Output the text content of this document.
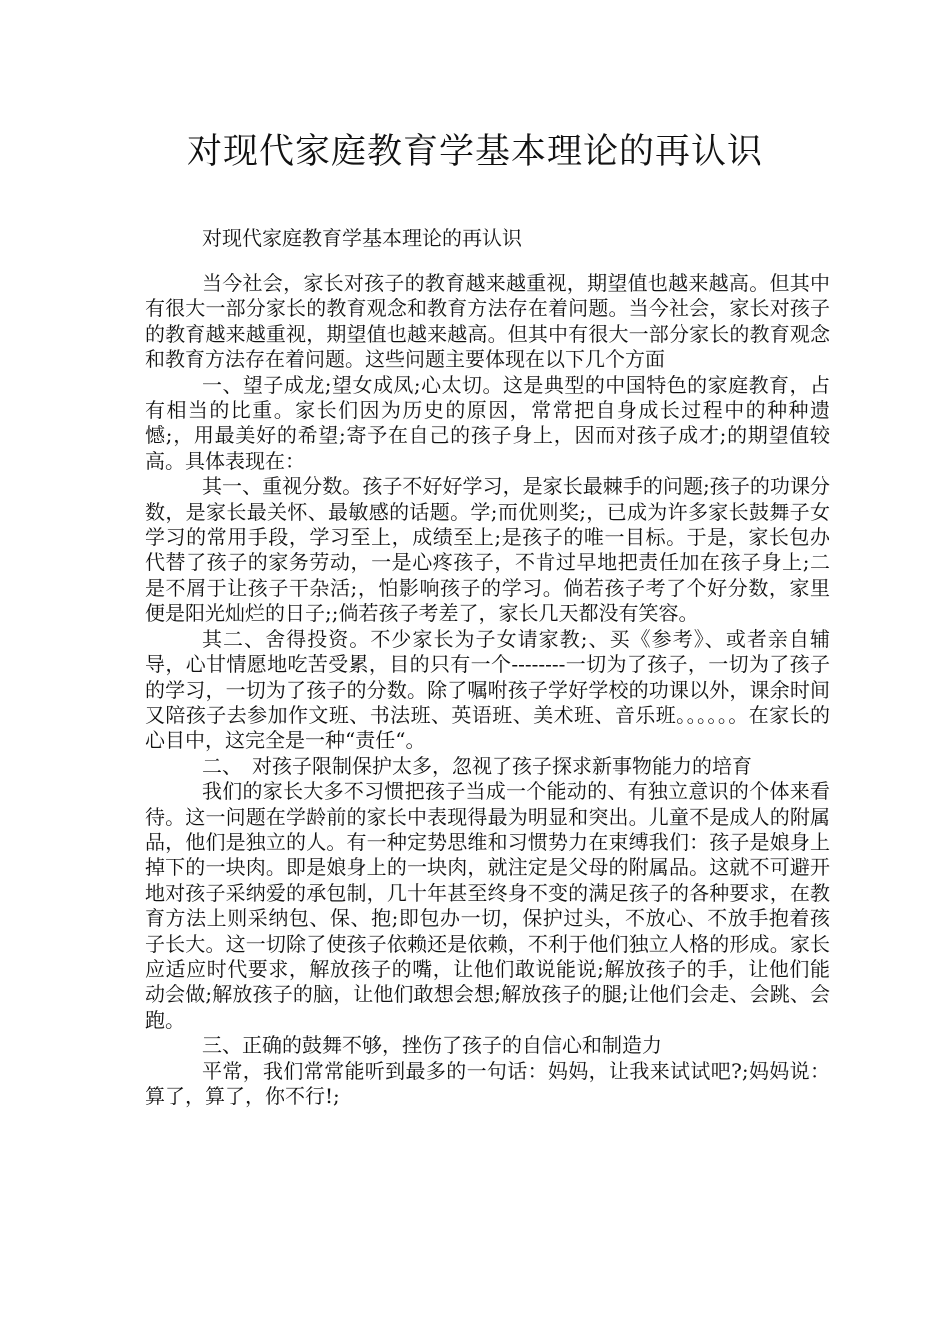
对现代家庭教育学基本理论的再认识
对现代家庭教育学基本理论的再认识

当今社会，家长对孩子的教育越来越重视，期望值也越来越高。但其中有很大一部分家长的教育观念和教育方法存在着问题。当今社会，家长对孩子的教育越来越重视，期望值也越来越高。但其中有很大一部分家长的教育观念和教育方法存在着问题。这些问题主要体现在以下几个方面

一、望子成龙;望女成凤;心太切。这是典型的中国特色的家庭教育，占有相当的比重。家长们因为历史的原因，常常把自身成长过程中的种种遗憾;，用最美好的希望;寄予在自己的孩子身上，因而对孩子成才;的期望值较高。具体表现在：

其一、重视分数。孩子不好好学习，是家长最棘手的问题;孩子的功课分数，是家长最关怀、最敏感的话题。学;而优则奖;，已成为许多家长鼓舞子女学习的常用手段，学习至上，成绩至上;是孩子的唯一目标。于是，家长包办代替了孩子的家务劳动，一是心疼孩子，不肯过早地把责任加在孩子身上;二是不屑于让孩子干杂活;，怕影响孩子的学习。倘若孩子考了个好分数，家里便是阳光灿烂的日子;;倘若孩子考差了，家长几天都没有笑容。

其二、舍得投资。不少家长为子女请家教;、买《参考》、或者亲自辅导，心甘情愿地吃苦受累，目的只有一个--------一切为了孩子，一切为了孩子的学习，一切为了孩子的分数。除了嘱咐孩子学好学校的功课以外，课余时间又陪孩子去参加作文班、书法班、英语班、美术班、音乐班。。。。。。在家长的心目中，这完全是一种“责任“。

二、　对孩子限制保护太多，忽视了孩子探求新事物能力的培育

我们的家长大多不习惯把孩子当成一个能动的、有独立意识的个体来看待。这一问题在学龄前的家长中表现得最为明显和突出。儿童不是成人的附属品，他们是独立的人。有一种定势思维和习惯势力在束缚我们：孩子是娘身上掉下的一块肉。即是娘身上的一块肉，就注定是父母的附属品。这就不可避开地对孩子采纳爱的承包制，几十年甚至终身不变的满足孩子的各种要求，在教育方法上则采纳包、保、抱;即包办一切，保护过头，不放心、不放手抱着孩子长大。这一切除了使孩子依赖还是依赖，不利于他们独立人格的形成。家长应适应时代要求，解放孩子的嘴，让他们敢说能说;解放孩子的手，让他们能动会做;解放孩子的脑，让他们敢想会想;解放孩子的腿;让他们会走、会跳、会跑。

三、正确的鼓舞不够，挫伤了孩子的自信心和制造力

平常，我们常常能听到最多的一句话：妈妈，让我来试试吧?;妈妈说：算了，算了，你不行!;
